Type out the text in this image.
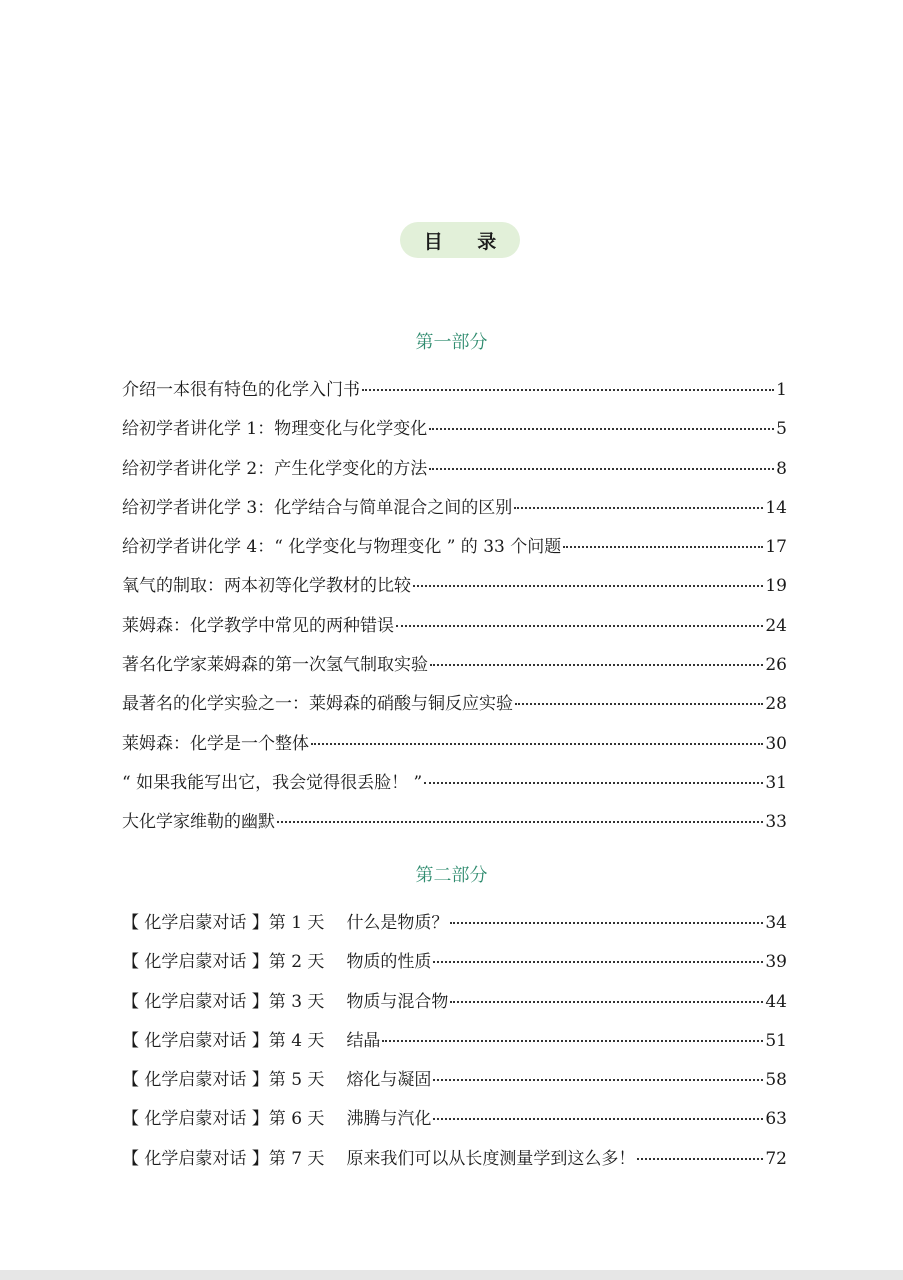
目 录
第一部分
介绍一本很有特色的化学入门书	1
给初学者讲化学 1：物理变化与化学变化	5
给初学者讲化学 2：产生化学变化的方法	8
给初学者讲化学 3：化学结合与简单混合之间的区别	14
给初学者讲化学 4：“ 化学变化与物理变化 ” 的 33 个问题	17
氧气的制取：两本初等化学教材的比较	19
莱姆森：化学教学中常见的两种错误	24
著名化学家莱姆森的第一次氢气制取实验	26
最著名的化学实验之一：莱姆森的硝酸与铜反应实验	28
莱姆森：化学是一个整体	30
“ 如果我能写出它，我会觉得很丢脸！ ”	31
大化学家维勒的幽默	33
第二部分
【 化学启蒙对话 】第 1 天 什么是物质？	34
【 化学启蒙对话 】第 2 天 物质的性质	39
【 化学启蒙对话 】第 3 天 物质与混合物	44
【 化学启蒙对话 】第 4 天 结晶	51
【 化学启蒙对话 】第 5 天 熔化与凝固	58
【 化学启蒙对话 】第 6 天 沸腾与汽化	63
【 化学启蒙对话 】第 7 天 原来我们可以从长度测量学到这么多！	72
